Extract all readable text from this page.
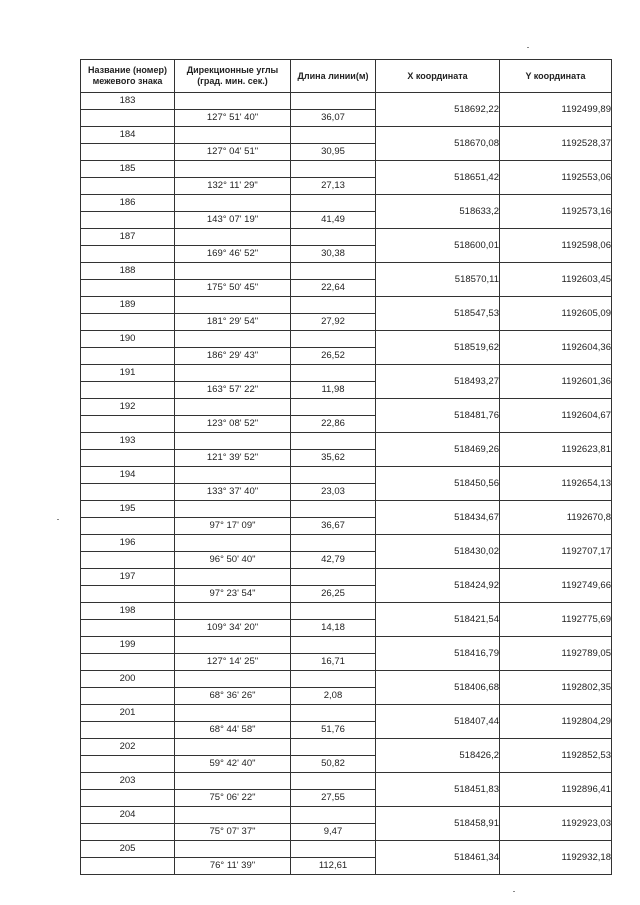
Название (номер) межевого знака	Дирекционные углы (град. мин. сек.)	Длина линии(м)	X координата	Y координата
183			518692,22	1192499,89
	127° 51' 40"	36,07		
184			518670,08	1192528,37
	127° 04' 51"	30,95		
185			518651,42	1192553,06
	132° 11' 29"	27,13		
186			518633,2	1192573,16
	143° 07' 19"	41,49		
187			518600,01	1192598,06
	169° 46' 52"	30,38		
188			518570,11	1192603,45
	175° 50' 45"	22,64		
189			518547,53	1192605,09
	181° 29' 54"	27,92		
190			518519,62	1192604,36
	186° 29' 43"	26,52		
191			518493,27	1192601,36
	163° 57' 22"	11,98		
192			518481,76	1192604,67
	123° 08' 52"	22,86		
193			518469,26	1192623,81
	121° 39' 52"	35,62		
194			518450,56	1192654,13
	133° 37' 40"	23,03		
195			518434,67	1192670,8
	97° 17' 09"	36,67		
196			518430,02	1192707,17
	96° 50' 40"	42,79		
197			518424,92	1192749,66
	97° 23' 54"	26,25		
198			518421,54	1192775,69
	109° 34' 20"	14,18		
199			518416,79	1192789,05
	127° 14' 25"	16,71		
200			518406,68	1192802,35
	68° 36' 26"	2,08		
201			518407,44	1192804,29
	68° 44' 58"	51,76		
202			518426,2	1192852,53
	59° 42' 40"	50,82		
203			518451,83	1192896,41
	75° 06' 22"	27,55		
204			518458,91	1192923,03
	75° 07' 37"	9,47		
205			518461,34	1192932,18
	76° 11' 39"	112,61		
